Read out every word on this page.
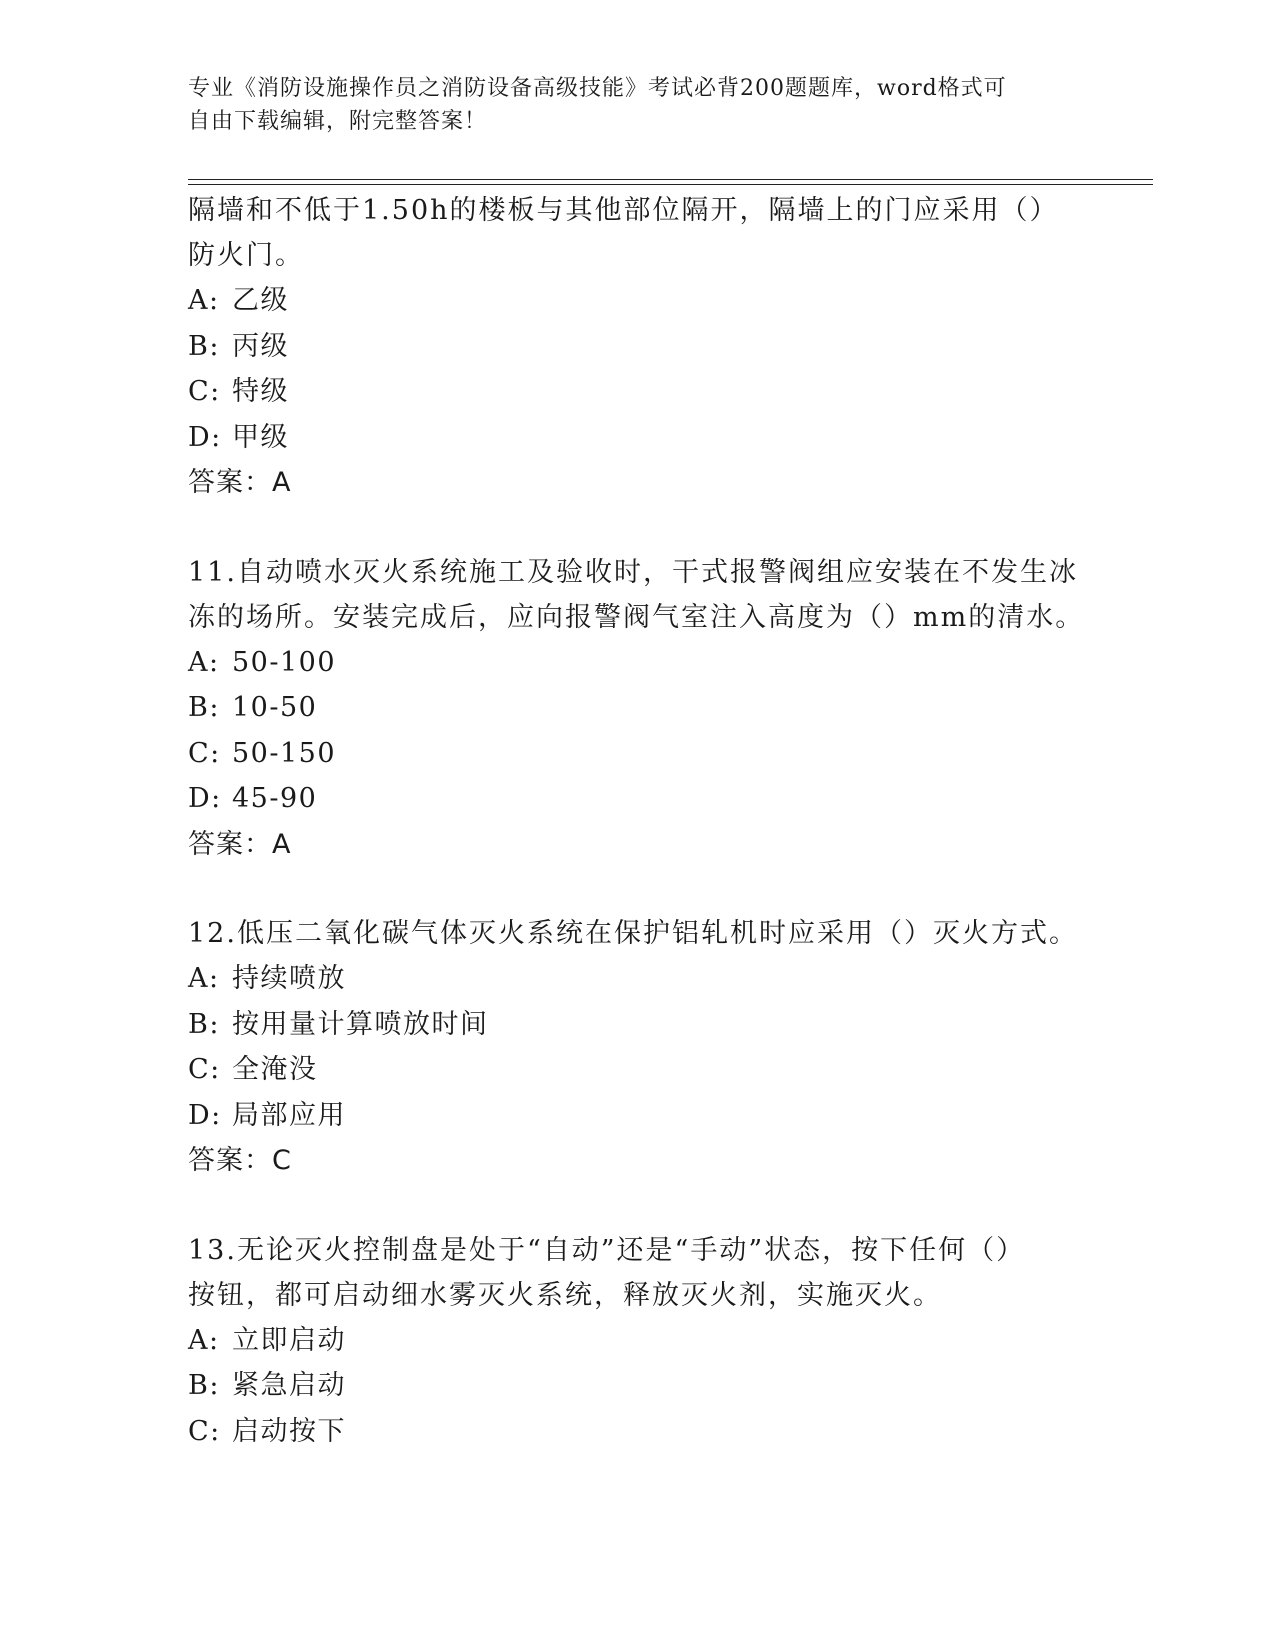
专业《消防设施操作员之消防设备高级技能》考试必背200题题库，word格式可
自由下载编辑，附完整答案！

隔墙和不低于1.50h的楼板与其他部位隔开，隔墙上的门应采用（）

防火门。

A: 乙级

B: 丙级

C: 特级

D: 甲级

答案：A

11.自动喷水灭火系统施工及验收时，干式报警阀组应安装在不发生冰

冻的场所。安装完成后，应向报警阀气室注入高度为（）mm的清水。

A: 50-100

B: 10-50

C: 50-150

D: 45-90

答案：A

12.低压二氧化碳气体灭火系统在保护铝轧机时应采用（）灭火方式。

A: 持续喷放

B: 按用量计算喷放时间

C: 全淹没

D: 局部应用

答案：C

13.无论灭火控制盘是处于“自动”还是“手动”状态，按下任何（）

按钮，都可启动细水雾灭火系统，释放灭火剂，实施灭火。

A: 立即启动

B: 紧急启动

C: 启动按下
